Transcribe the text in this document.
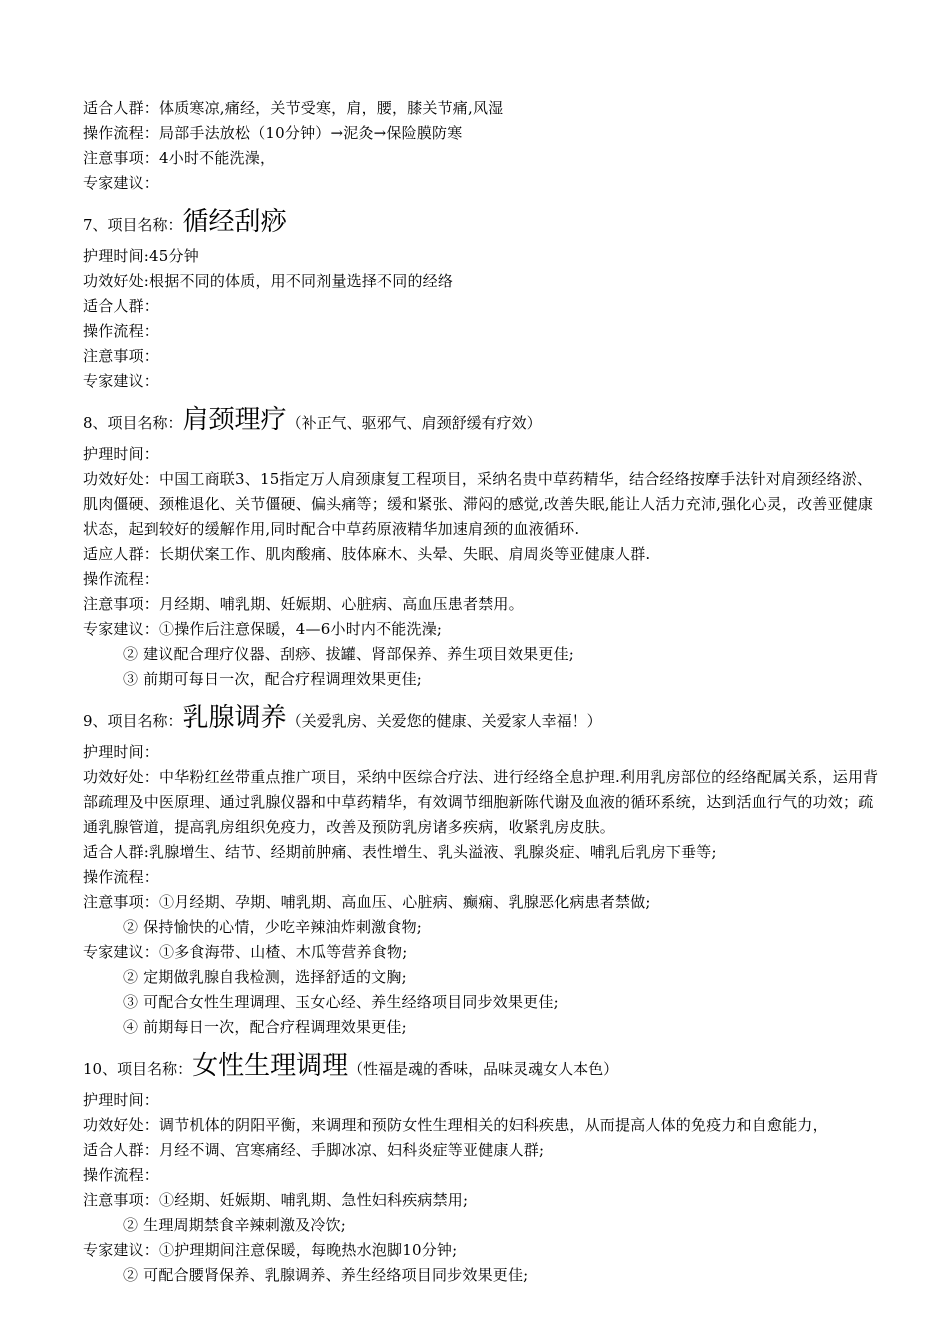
适合人群：体质寒凉,痛经，关节受寒，肩，腰，膝关节痛,风湿
操作流程：局部手法放松（10分钟）→泥灸→保险膜防寒
注意事项：4小时不能洗澡，
专家建议：
7、项目名称： 循经刮痧
护理时间:45分钟
功效好处:根据不同的体质，用不同剂量选择不同的经络
适合人群：
操作流程：
注意事项：
专家建议：
8、项目名称： 肩颈理疗 （补正气、驱邪气、肩颈舒缓有疗效）
护理时间：
功效好处：中国工商联3、15指定万人肩颈康复工程项目，采纳名贵中草药精华，结合经络按摩手法针对肩颈经络淤、肌肉僵硬、颈椎退化、关节僵硬、偏头痛等；缓和紧张、滞闷的感觉,改善失眠,能让人活力充沛,强化心灵，改善亚健康状态，起到较好的缓解作用,同时配合中草药原液精华加速肩颈的血液循环.
适应人群：长期伏案工作、肌肉酸痛、肢体麻木、头晕、失眠、肩周炎等亚健康人群.
操作流程：
注意事项：月经期、哺乳期、妊娠期、心脏病、高血压患者禁用。
专家建议：①操作后注意保暖，4—6小时内不能洗澡;
② 建议配合理疗仪器、刮痧、拔罐、肾部保养、养生项目效果更佳;
③ 前期可每日一次，配合疗程调理效果更佳;
9、项目名称： 乳腺调养 （关爱乳房、关爱您的健康、关爱家人幸福！）
护理时间：
功效好处：中华粉红丝带重点推广项目，采纳中医综合疗法、进行经络全息护理.利用乳房部位的经络配属关系，运用背部疏理及中医原理、通过乳腺仪器和中草药精华，有效调节细胞新陈代谢及血液的循环系统，达到活血行气的功效；疏通乳腺管道，提高乳房组织免疫力，改善及预防乳房诸多疾病，收紧乳房皮肤。
适合人群:乳腺增生、结节、经期前肿痛、表性增生、乳头溢液、乳腺炎症、哺乳后乳房下垂等;
操作流程：
注意事项：①月经期、孕期、哺乳期、高血压、心脏病、癫痫、乳腺恶化病患者禁做;
② 保持愉快的心情，少吃辛辣油炸刺激食物;
专家建议：①多食海带、山楂、木瓜等营养食物;
② 定期做乳腺自我检测，选择舒适的文胸;
③ 可配合女性生理调理、玉女心经、养生经络项目同步效果更佳;
④ 前期每日一次，配合疗程调理效果更佳;
10、项目名称： 女性生理调理 （性福是魂的香味，品味灵魂女人本色）
护理时间：
功效好处：调节机体的阴阳平衡，来调理和预防女性生理相关的妇科疾患，从而提高人体的免疫力和自愈能力，
适合人群：月经不调、宫寒痛经、手脚冰凉、妇科炎症等亚健康人群;
操作流程：
注意事项：①经期、妊娠期、哺乳期、急性妇科疾病禁用;
② 生理周期禁食辛辣刺激及冷饮;
专家建议：①护理期间注意保暖，每晚热水泡脚10分钟;
② 可配合腰肾保养、乳腺调养、养生经络项目同步效果更佳;
